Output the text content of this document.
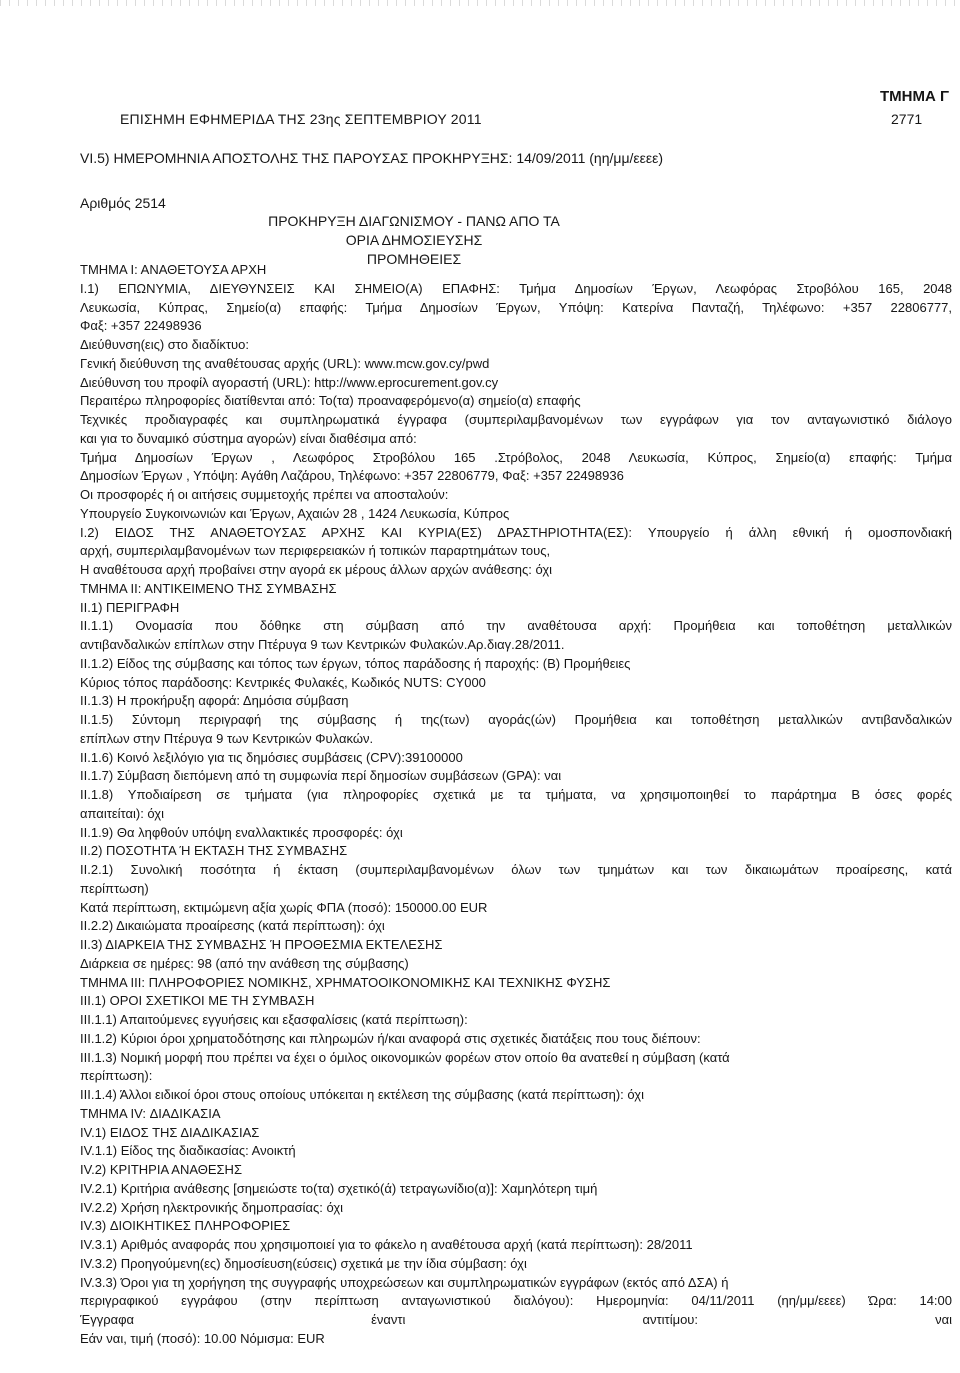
ΤΜΗΜΑ Γ
ΕΠΙΣΗΜΗ ΕΦΗΜΕΡΙΔΑ ΤΗΣ 23ης ΣΕΠΤΕΜΒΡΙΟΥ 2011	2771
VI.5) ΗΜΕΡΟΜΗΝΙΑ ΑΠΟΣΤΟΛΗΣ ΤΗΣ ΠΑΡΟΥΣΑΣ ΠΡΟΚΗΡΥΞΗΣ: 14/09/2011 (ηη/μμ/εεεε)
Αριθμός 2514
ΠΡΟΚΗΡΥΞΗ ΔΙΑΓΩΝΙΣΜΟΥ - ΠΑΝΩ ΑΠΟ ΤΑ ΟΡΙΑ ΔΗΜΟΣΙΕΥΣΗΣ
ΠΡΟΜΗΘΕΙΕΣ
ΤΜΗΜΑ Ι: ΑΝΑΘΕΤΟΥΣΑ ΑΡΧΗ
Ι.1) ΕΠΩΝΥΜΙΑ, ΔΙΕΥΘΥΝΣΕΙΣ ΚΑΙ ΣΗΜΕΙΟ(Α) ΕΠΑΦΗΣ: Τμήμα Δημοσίων Έργων, Λεωφόρας Στροβόλου 165, 2048
Λευκωσία, Κύπρας, Σημείο(α) επαφής: Τμήμα Δημοσίων Έργων, Υπόψη: Κατερίνα Πανταζή, Τηλέφωνο: +357 22806777,
Φαξ: +357 22498936
Διεύθυνση(εις) στο διαδίκτυο:
Γενική διεύθυνση της αναθέτουσας αρχής (URL): www.mcw.gov.cy/pwd
Διεύθυνση του προφίλ αγοραστή (URL): http://www.eprocurement.gov.cy
Περαιτέρω πληροφορίες διατίθενται από: Το(τα) προαναφερόμενο(α) σημείο(α) επαφής
Τεχνικές προδιαγραφές και συμπληρωματικά έγγραφα (συμπεριλαμβανομένων των εγγράφων για τον ανταγωνιστικό διάλογο
και για το δυναμικό σύστημα αγορών) είναι διαθέσιμα από:
Τμήμα Δημοσίων Έργων , Λεωφόρος Στροβόλου 165 .Στρόβολος, 2048 Λευκωσία, Κύπρος, Σημείο(α) επαφής: Τμήμα
Δημοσίων Έργων , Υπόψη: Αγάθη Λαζάρου, Τηλέφωνο: +357 22806779, Φαξ: +357 22498936
Οι προσφορές ή οι αιτήσεις συμμετοχής πρέπει να αποσταλούν:
Υπουργείο Συγκοινωνιών και Έργων, Αχαιών 28 , 1424 Λευκωσία, Κύπρος
Ι.2) ΕΙΔΟΣ ΤΗΣ ΑΝΑΘΕΤΟΥΣΑΣ ΑΡΧΗΣ ΚΑΙ ΚΥΡΙΑ(ΕΣ) ΔΡΑΣΤΗΡΙΟΤΗΤΑ(ΕΣ): Υπουργείο ή άλλη εθνική ή ομοσπονδιακή
αρχή, συμπεριλαμβανομένων των περιφερειακών ή τοπικών παραρτημάτων τους,
Η αναθέτουσα αρχή προβαίνει στην αγορά εκ μέρους άλλων αρχών ανάθεσης: όχι
ΤΜΗΜΑ ΙΙ: ΑΝΤΙΚΕΙΜΕΝΟ ΤΗΣ ΣΥΜΒΑΣΗΣ
ΙΙ.1) ΠΕΡΙΓΡΑΦΗ
ΙΙ.1.1) Ονομασία που δόθηκε στη σύμβαση από την αναθέτουσα αρχή: Προμήθεια και τοποθέτηση μεταλλικών
αντιβανδαλικών επίπλων στην Πτέρυγα 9 των Κεντρικών Φυλακών.Αρ.διαγ.28/2011.
ΙΙ.1.2) Είδος της σύμβασης και τόπος των έργων, τόπος παράδοσης ή παροχής: (Β) Προμήθειες
Κύριος τόπος παράδοσης: Κεντρικές Φυλακές, Κωδικός NUTS: CY000
ΙΙ.1.3) Η προκήρυξη αφορά: Δημόσια σύμβαση
ΙΙ.1.5) Σύντομη περιγραφή της σύμβασης ή της(των) αγοράς(ών) Προμήθεια και τοποθέτηση μεταλλικών αντιβανδαλικών
επίπλων στην Πτέρυγα 9 των Κεντρικών Φυλακών.
ΙΙ.1.6) Κοινό λεξιλόγιο για τις δημόσιες συμβάσεις (CPV):39100000
ΙΙ.1.7) Σύμβαση διεπόμενη από τη συμφωνία περί δημοσίων συμβάσεων (GPA): ναι
ΙΙ.1.8) Υποδιαίρεση σε τμήματα (για πληροφορίες σχετικά με τα τμήματα, να χρησιμοποιηθεί το παράρτημα Β όσες φορές
απαιτείται): όχι
ΙΙ.1.9) Θα ληφθούν υπόψη εναλλακτικές προσφορές: όχι
ΙΙ.2) ΠΟΣΟΤΗΤΑ Ή ΕΚΤΑΣΗ ΤΗΣ ΣΥΜΒΑΣΗΣ
ΙΙ.2.1) Συνολική ποσότητα ή έκταση (συμπεριλαμβανομένων όλων των τμημάτων και των δικαιωμάτων προαίρεσης, κατά
περίπτωση)
Κατά περίπτωση, εκτιμώμενη αξία χωρίς ΦΠΑ (ποσό): 150000.00 EUR
ΙΙ.2.2) Δικαιώματα προαίρεσης (κατά περίπτωση): όχι
ΙΙ.3) ΔΙΑΡΚΕΙΑ ΤΗΣ ΣΥΜΒΑΣΗΣ Ή ΠΡΟΘΕΣΜΙΑ ΕΚΤΕΛΕΣΗΣ
Διάρκεια σε ημέρες: 98 (από την ανάθεση της σύμβασης)
ΤΜΗΜΑ ΙΙΙ: ΠΛΗΡΟΦΟΡΙΕΣ ΝΟΜΙΚΗΣ, ΧΡΗΜΑΤΟΟΙΚΟΝΟΜΙΚΗΣ ΚΑΙ ΤΕΧΝΙΚΗΣ ΦΥΣΗΣ
ΙΙΙ.1) ΟΡΟΙ ΣΧΕΤΙΚΟΙ ΜΕ ΤΗ ΣΥΜΒΑΣΗ
ΙΙΙ.1.1) Απαιτούμενες εγγυήσεις και εξασφαλίσεις (κατά περίπτωση):
ΙΙΙ.1.2) Κύριοι όροι χρηματοδότησης και πληρωμών ή/και αναφορά στις σχετικές διατάξεις που τους διέπουν:
ΙΙΙ.1.3) Νομική μορφή που πρέπει να έχει ο όμιλος οικονομικών φορέων στον οποίο θα ανατεθεί η σύμβαση (κατά
περίπτωση):
ΙΙΙ.1.4) Άλλοι ειδικοί όροι στους οποίους υπόκειται η εκτέλεση της σύμβασης (κατά περίπτωση): όχι
ΤΜΗΜΑ IV: ΔΙΑΔΙΚΑΣΙΑ
IV.1) ΕΙΔΟΣ ΤΗΣ ΔΙΑΔΙΚΑΣΙΑΣ
IV.1.1) Είδος της διαδικασίας: Ανοικτή
IV.2) ΚΡΙΤΗΡΙΑ ΑΝΑΘΕΣΗΣ
IV.2.1) Κριτήρια ανάθεσης [σημειώστε το(τα) σχετικό(ά) τετραγωνίδιο(α)]: Χαμηλότερη τιμή
IV.2.2) Χρήση ηλεκτρονικής δημοπρασίας: όχι
IV.3) ΔΙΟΙΚΗΤΙΚΕΣ ΠΛΗΡΟΦΟΡΙΕΣ
IV.3.1) Αριθμός αναφοράς που χρησιμοποιεί για το φάκελο η αναθέτουσα αρχή (κατά περίπτωση): 28/2011
IV.3.2) Προηγούμενη(ες) δημοσίευση(εύσεις) σχετικά με την ίδια σύμβαση: όχι
IV.3.3) Όροι για τη χορήγηση της συγγραφής υποχρεώσεων και συμπληρωματικών εγγράφων (εκτός από ΔΣΑ) ή
περιγραφικού εγγράφου (στην περίπτωση ανταγωνιστικού διαλόγου): Ημερομηνία: 04/11/2011 (ηη/μμ/εεεε) Ώρα: 14:00
Έγγραφα έναντι αντιτίμου: ναι
Εάν ναι, τιμή (ποσό): 10.00 Νόμισμα: EUR
